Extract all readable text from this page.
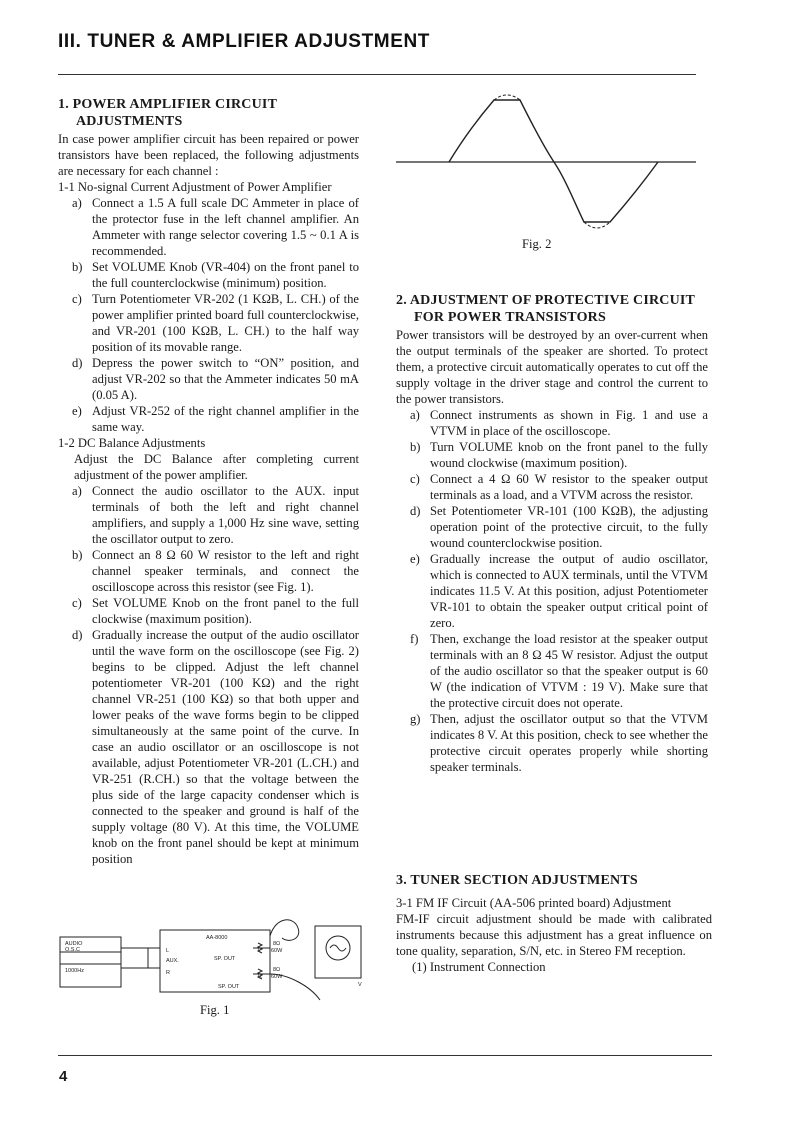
III. TUNER & AMPLIFIER ADJUSTMENT
1. POWER AMPLIFIER CIRCUIT
ADJUSTMENTS

In case power amplifier circuit has been repaired or power transistors have been replaced, the following adjustments are necessary for each channel :

1-1 No-signal Current Adjustment of Power Amplifier
a) Connect a 1.5 A full scale DC Ammeter in place of the protector fuse in the left channel amplifier. An Ammeter with range selector covering 1.5 ~ 0.1 A is recommended.
b) Set VOLUME Knob (VR-404) on the front panel to the full counterclockwise (minimum) position.
c) Turn Potentiometer VR-202 (1 KΩB, L. CH.) of the power amplifier printed board full counterclockwise, and VR-201 (100 KΩB, L. CH.) to the half way position of its movable range.
d) Depress the power switch to “ON” position, and adjust VR-202 so that the Ammeter indicates 50 mA (0.05 A).
e) Adjust VR-252 of the right channel amplifier in the same way.
1-2 DC Balance Adjustments

Adjust the DC Balance after completing current adjustment of the power amplifier.

a) Connect the audio oscillator to the AUX. input terminals of both the left and right channel amplifiers, and supply a 1,000 Hz sine wave, setting the oscillator output to zero.
b) Connect an 8 Ω 60 W resistor to the left and right channel speaker terminals, and connect the oscilloscope across this resistor (see Fig. 1).
c) Set VOLUME Knob on the front panel to the full clockwise (maximum position).
d) Gradually increase the output of the audio oscillator until the wave form on the oscilloscope (see Fig. 2) begins to be clipped. Adjust the left channel potentiometer VR-201 (100 KΩ) and the right channel VR-251 (100 KΩ) so that both upper and lower peaks of the wave forms begin to be clipped simultaneously at the same point of the curve. In case an audio oscillator or an oscilloscope is not available, adjust Potentiometer VR-201 (L.CH.) and VR-251 (R.CH.) so that the voltage between the plus side of the large capacity condenser which is connected to the speaker and ground is half of the supply voltage (80 V). At this time, the VOLUME knob on the front panel should be kept at minimum position
AUDIO
O.S.C
1000Hz
AA-8000
L
AUX.
R
L
SP. OUT
R
SP. OUT
8Ω
60W
8Ω
60W
V
Fig. 1
Fig. 2
2. ADJUSTMENT OF PROTECTIVE CIRCUIT
FOR POWER TRANSISTORS

Power transistors will be destroyed by an over-current when the output terminals of the speaker are shorted. To protect them, a protective circuit automatically operates to cut off the supply voltage in the driver stage and control the current to the power transistors.

a) Connect instruments as shown in Fig. 1 and use a VTVM in place of the oscilloscope.
b) Turn VOLUME knob on the front panel to the fully wound clockwise (maximum position).
c) Connect a 4 Ω 60 W resistor to the speaker output terminals as a load, and a VTVM across the resistor.
d) Set Potentiometer VR-101 (100 KΩB), the adjusting operation point of the protective circuit, to the fully wound counterclockwise position.
e) Gradually increase the output of audio oscillator, which is connected to AUX terminals, until the VTVM indicates 11.5 V. At this position, adjust Potentiometer VR-101 to obtain the speaker output critical point of zero.
f) Then, exchange the load resistor at the speaker output terminals with an 8 Ω 45 W resistor. Adjust the output of the audio oscillator so that the speaker output is 60 W (the indication of VTVM : 19 V). Make sure that the protective circuit does not operate.
g) Then, adjust the oscillator output so that the VTVM indicates 8 V. At this position, check to see whether the protective circuit operates properly while shorting speaker terminals.
3. TUNER SECTION ADJUSTMENTS
3-1 FM IF Circuit (AA-506 printed board) Adjustment

FM-IF circuit adjustment should be made with calibrated instruments because this adjustment has a great influence on tone quality, separation, S/N, etc. in Stereo FM reception.

(1) Instrument Connection
4
